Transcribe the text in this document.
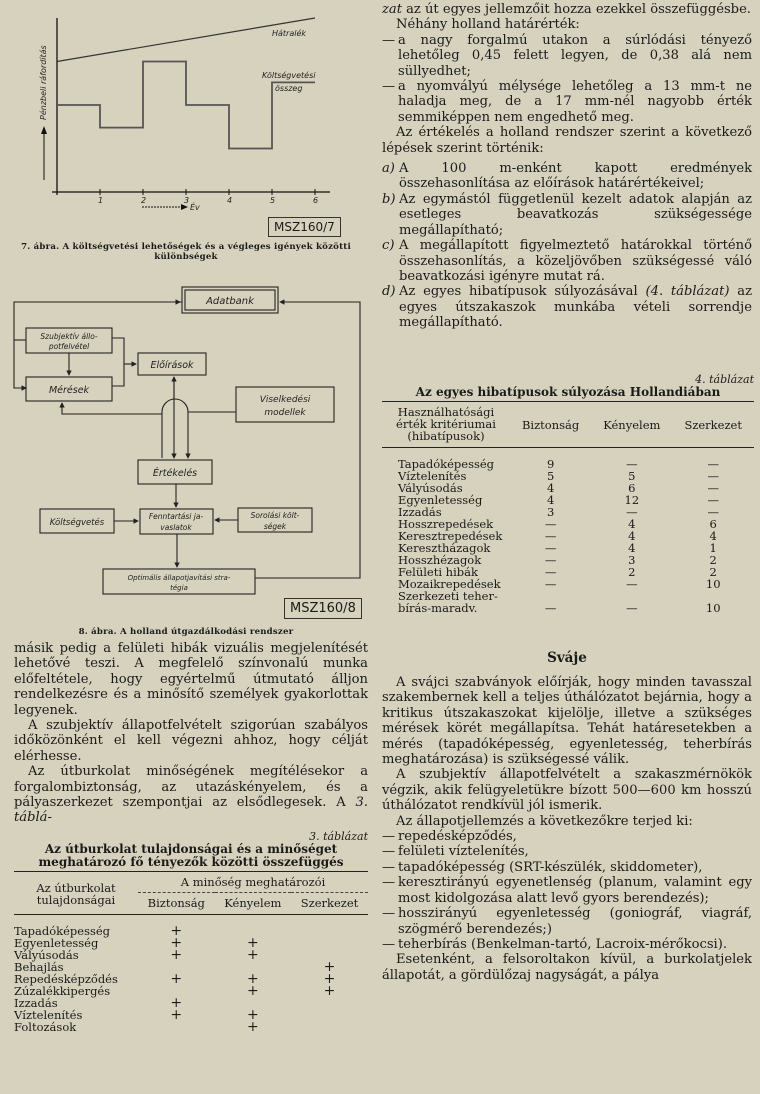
Pénzbeli ráfordítás
Év
1	2	3	4	5	6
Hátralék
Költségvetési
összeg
MSZ160/7
7. ábra. A költségvetési lehetőségek és a végleges igények közötti
különbségek
Adatbank
Szubjektív állo-
potfelvétel
Mérések
Előírások
Viselkedési
modellek
Értékelés
Költségvetés
Fenntartási ja-
vaslatok
Sorolási költ-
ségek
Optimális állapotjavítási stra-
tégia
MSZ160/8
8. ábra. A holland útgazdálkodási rendszer

másik pedig a felületi hibák vizuális megjelenítését lehetővé teszi. A megfelelő színvonalú munka előfeltétele, hogy egyértelmű útmutató álljon rendelkezésre és a minősítő személyek gyakorlottak legyenek.

A szubjektív állapotfelvételt szigorúan szabályos időközönként el kell végezni ahhoz, hogy célját elérhesse.

Az útburkolat minőségének megítélésekor a forgalombiztonság, az utazáskényelem, és a pályaszerkezet szempontjai az elsődlegesek. A 3. táblá-

3. táblázat
Az útburkolat tulajdonságai és a minőséget
meghatározó fő tényezők közötti összefüggés
Az útburkolat
tulajdonságai	A minőség meghatározói		
	Biztonság	Kényelem	Szerkezet

Tapadóképesség	+		
Egyenletesség	+	+	
Vályúsodás	+	+	
Behajlás			+
Repedésképződés	+	+	+
Zúzalékkipergés		+	+
Izzadás	+		
Víztelenítés	+	+	
Foltozások		+	

zat az út egyes jellemzőit hozza ezekkel összefüggésbe.

Néhány holland határérték:

— a nagy forgalmú utakon a súrlódási tényező lehetőleg 0,45 felett legyen, de 0,38 alá nem süllyedhet;

— a nyomvályú mélysége lehetőleg a 13 mm-t ne haladja meg, de a 17 mm-nél nagyobb érték semmiképpen nem engedhető meg.

Az értékelés a holland rendszer szerint a következő lépések szerint történik:

a) A 100 m-enként kapott eredmények összehasonlítása az előírások határértékeivel;

b) Az egymástól függetlenül kezelt adatok alapján az esetleges beavatkozás szükségessége megállapítható;

c) A megállapított figyelmeztető határokkal történő összehasonlítás, a közeljövőben szükségessé váló beavatkozási igényre mutat rá.

d) Az egyes hibatípusok súlyozásával (4. táblázat) az egyes útszakaszok munkába vételi sorrendje megállapítható.

4. táblázat
Az egyes hibatípusok súlyozása Hollandiában
Használhatósági
érték kritériumai
(hibatípusok)	Biztonság	Kényelem	Szerkezet

Tapadóképesség	9	—	—
Víztelenítés	5	5	—
Vályúsodás	4	6	—
Egyenletesség	4	12	—
Izzadás	3	—	—
Hosszrepedések	—	4	6
Keresztrepedések	—	4	4
Keresztházagok	—	4	1
Hosszhézagok	—	3	2
Felületi hibák	—	2	2
Mozaikrepedések	—	—	10
Szerkezeti teher-			
bírás-maradv.	—	—	10

Sváje

A svájci szabványok előírják, hogy minden tavasszal szakembernek kell a teljes úthálózatot bejárnia, hogy a kritikus útszakaszokat kijelölje, illetve a szükséges mérések körét megállapítsa. Tehát határesetekben a mérés (tapadóképesség, egyenletesség, teherbírás meghatározása) is szükségessé válik.

A szubjektív állapotfelvételt a szakaszmérnökök végzik, akik felügyeletükre bízott 500—600 km hosszú úthálózatot rendkívül jól ismerik.

Az állapotjellemzés a következőkre terjed ki:

— repedésképződés,

— felületi víztelenítés,

— tapadóképesség (SRT-készülék, skiddometer),

— keresztirányú egyenetlenség (planum, valamint egy most kidolgozása alatt levő gyors berendezés);

— hosszirányú egyenletesség (goniográf, viagráf, szögmérő berendezés;)

— teherbírás (Benkelman-tartó, Lacroix-mérőkocsi).

Esetenként, a felsoroltakon kívül, a burkolatjelek állapotát, a gördülőzaj nagyságát, a pálya
